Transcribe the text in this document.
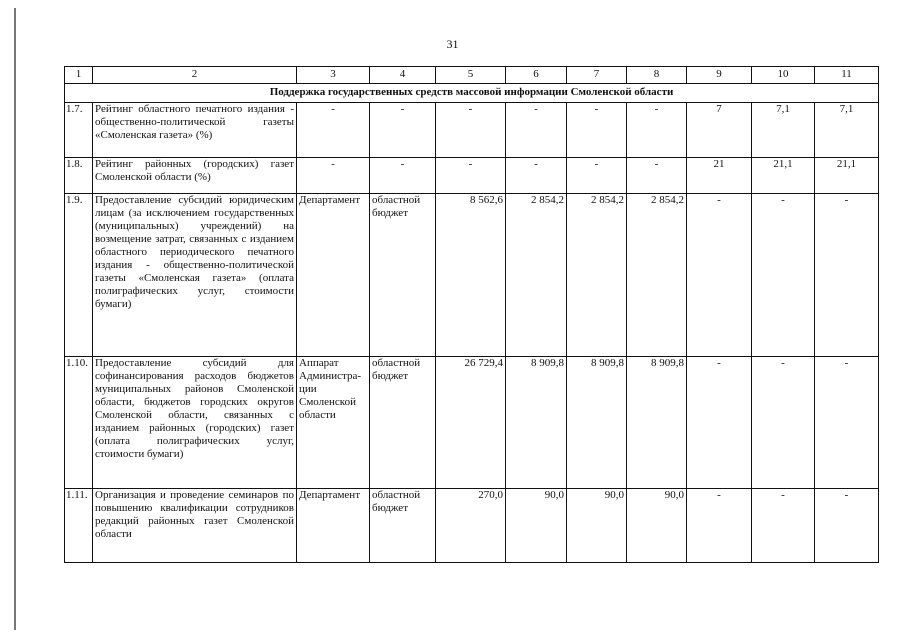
31
1	2	3	4	5	6	7	8	9	10	11
Поддержка государственных средств массовой информации Смоленской области										
1.7.	Рейтинг областного печатного издания - общественно-политической газеты «Смоленская газета» (%)	-	-	-	-	-	-	7	7,1	7,1
1.8.	Рейтинг районных (городских) газет Смоленской области (%)	-	-	-	-	-	-	21	21,1	21,1
1.9.	Предоставление субсидий юридическим лицам (за исключением государственных (муниципальных) учреждений) на возмещение затрат, связанных с изданием областного периодического печатного издания - общественно-политической газеты «Смоленская газета» (оплата полиграфических услуг, стоимости бумаги)	Департамент	областной бюджет	8 562,6	2 854,2	2 854,2	2 854,2	-	-	-
1.10.	Предоставление субсидий для софинансирования расходов бюджетов муниципальных районов Смоленской области, бюджетов городских округов Смоленской области, связанных с изданием районных (городских) газет (оплата полиграфических услуг, стоимости бумаги)	Аппарат Администра-ции Смоленской области	областной бюджет	26 729,4	8 909,8	8 909,8	8 909,8	-	-	-
1.11.	Организация и проведение семинаров по повышению квалификации сотрудников редакций районных газет Смоленской области	Департамент	областной бюджет	270,0	90,0	90,0	90,0	-	-	-
